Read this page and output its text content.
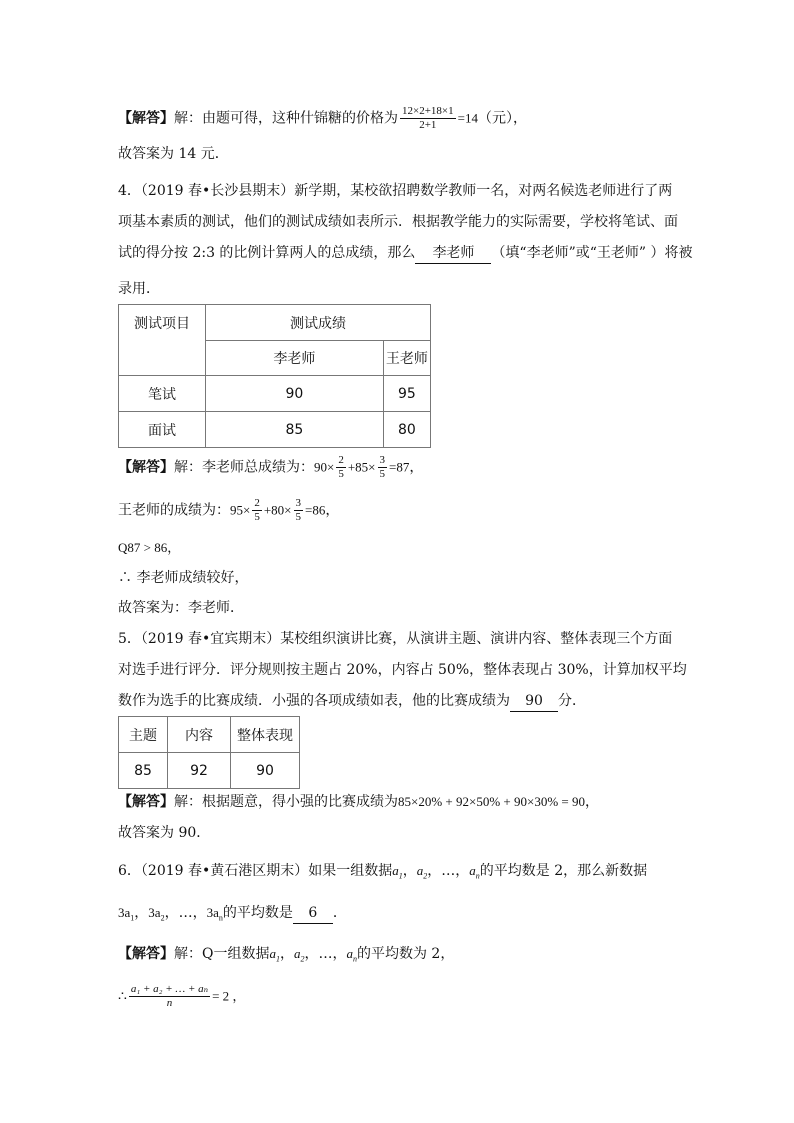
【解答】解：由题可得，这种什锦糖的价格为 $\frac{12\times 2+18\times 1}{2+1} =14$（元），
故答案为 14 元．
4．（2019 春•长沙县期末）新学期，某校欲招聘数学教师一名，对两名候选老师进行了两
项基本素质的测试，他们的测试成绩如表所示．根据教学能力的实际需要，学校将笔试、面
试的得分按 2:3 的比例计算两人的总成绩，那么 李老师 （填“李老师”或“王老师” ）将被
录用．
测试项目	测试成绩	
	李老师	王老师
笔试	90	95
面试	85	80
【解答】解：李老师总成绩为：$90\times \frac{2}{5} +85\times \frac{3}{5} =87$，
王老师的成绩为：$95\times \frac{2}{5} +80\times \frac{3}{5} =86$，
Q87 > 86，
∴ 李老师成绩较好，
故答案为：李老师．
5．（2019 春•宜宾期末）某校组织演讲比赛，从演讲主题、演讲内容、整体表现三个方面
对选手进行评分．评分规则按主题占 20%，内容占 50%，整体表现占 30%，计算加权平均
数作为选手的比赛成绩．小强的各项成绩如表，他的比赛成绩为 90 分．
主题	内容	整体表现
85	92	90
【解答】解：根据题意，得小强的比赛成绩为85×20% + 92×50% + 90×30% = 90，
故答案为 90．
6．（2019 春•黄石港区期末）如果一组数据$a_1$，$a_2$，…，$a_n$的平均数是 2，那么新数据
$3a_1$，$3a_2$，…，$3a_n$的平均数是 6 ．
【解答】解：Q一组数据$a_1$，$a_2$，…，$a_n$的平均数为 2，
∴ $\frac{\text{a₁ + a₂ + … + aₙ}}{n} = 2$ ，
